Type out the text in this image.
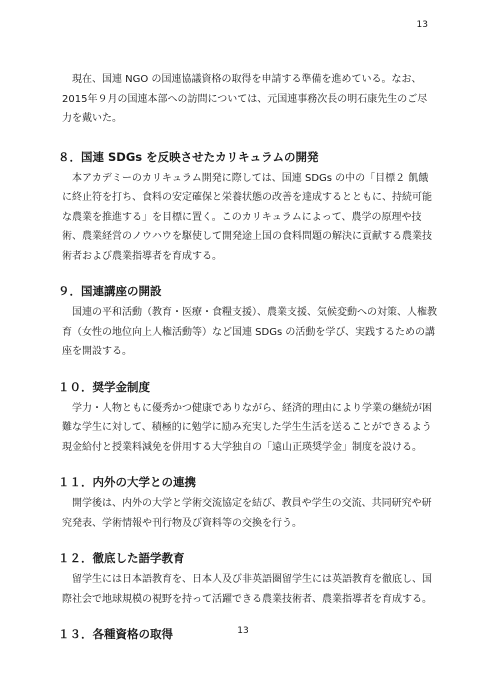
13

現在、国連 NGO の国連協議資格の取得を申請する準備を進めている。なお、2015年９月の国連本部への訪問については、元国連事務次長の明石康先生のご尽力を戴いた。

８．国連 SDGs を反映させたカリキュラムの開発

本アカデミーのカリキュラム開発に際しては、国連 SDGs の中の「目標２ 飢餓に終止符を打ち、食料の安定確保と栄養状態の改善を達成するとともに、持続可能な農業を推進する」を目標に置く。このカリキュラムによって、農学の原理や技術、農業経営のノウハウを駆使して開発途上国の食料問題の解決に貢献する農業技術者および農業指導者を育成する。

９．国連講座の開設

国連の平和活動（教育・医療・食糧支援）、農業支援、気候変動への対策、人権教育（女性の地位向上人権活動等）など国連 SDGs の活動を学び、実践するための講座を開設する。

１０．奨学金制度

学力・人物ともに優秀かつ健康でありながら、経済的理由により学業の継続が困難な学生に対して、積極的に勉学に励み充実した学生生活を送ることができるよう現金給付と授業料減免を併用する大学独自の「遠山正瑛奨学金」制度を設ける。

１１．内外の大学との連携

開学後は、内外の大学と学術交流協定を結び、教員や学生の交流、共同研究や研究発表、学術情報や刊行物及び資料等の交換を行う。

１２．徹底した語学教育

留学生には日本語教育を、日本人及び非英語圏留学生には英語教育を徹底し、国際社会で地球規模の視野を持って活躍できる農業技術者、農業指導者を育成する。

１３．各種資格の取得	13
